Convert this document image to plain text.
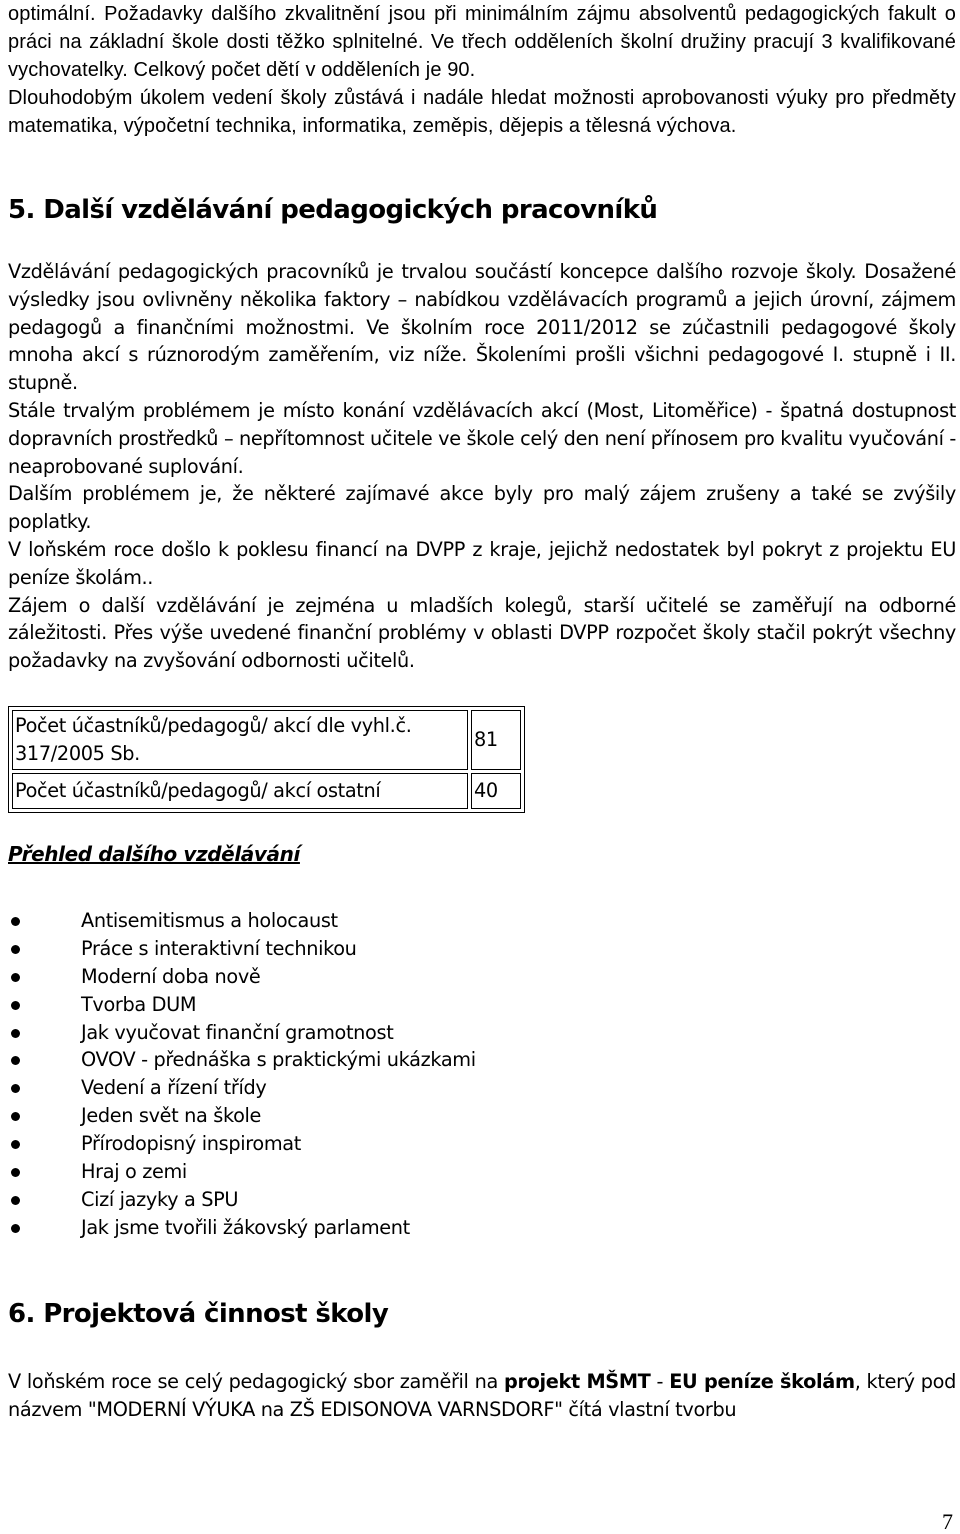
optimální. Požadavky dalšího zkvalitnění jsou při minimálním zájmu absolventů pedagogických fakult o práci na základní škole dosti těžko splnitelné. Ve třech odděleních školní družiny pracují 3 kvalifikované vychovatelky. Celkový počet dětí v odděleních je 90.

Dlouhodobým úkolem vedení školy zůstává i nadále hledat možnosti aprobovanosti výuky pro předměty matematika, výpočetní technika, informatika, zeměpis, dějepis a tělesná výchova.

5. Další vzdělávání pedagogických pracovníků

Vzdělávání pedagogických pracovníků je trvalou součástí koncepce dalšího rozvoje školy. Dosažené výsledky jsou ovlivněny několika faktory – nabídkou vzdělávacích programů a jejich úrovní, zájmem pedagogů a finančními možnostmi. Ve školním roce 2011/2012 se zúčastnili pedagogové školy mnoha akcí s rúznorodým zaměřením, viz níže. Školeními prošli všichni pedagogové I. stupně i II. stupně.

Stále trvalým problémem je místo konání vzdělávacích akcí (Most, Litoměřice) - špatná dostupnost dopravních prostředků – nepřítomnost učitele ve škole celý den není přínosem pro kvalitu vyučování - neaprobované suplování.

Dalším problémem je, že některé zajímavé akce byly pro malý zájem zrušeny a také se zvýšily poplatky.

V loňském roce došlo k poklesu financí na DVPP z kraje, jejichž nedostatek byl pokryt z projektu EU peníze školám..

Zájem o další vzdělávání je zejména u mladších kolegů, starší učitelé se zaměřují na odborné záležitosti. Přes výše uvedené finanční problémy v oblasti DVPP rozpočet školy stačil pokrýt všechny požadavky na zvyšování odbornosti učitelů.

Počet účastníků/pedagogů/ akcí dle vyhl.č. 317/2005 Sb.	81
Počet účastníků/pedagogů/ akcí ostatní	40
Přehled dalšího vzdělávání
Antisemitismus a holocaust
Práce s interaktivní technikou
Moderní doba nově
Tvorba DUM
Jak vyučovat finanční gramotnost
OVOV - přednáška s praktickými ukázkami
Vedení a řízení třídy
Jeden svět na škole
Přírodopisný inspiromat
Hraj o zemi
Cizí jazyky a SPU
Jak jsme tvořili žákovský parlament
6. Projektová činnost školy

V loňském roce se celý pedagogický sbor zaměřil na projekt MŠMT - EU peníze školám, který pod názvem "MODERNÍ VÝUKA na ZŠ EDISONOVA VARNSDORF" čítá vlastní tvorbu

7
